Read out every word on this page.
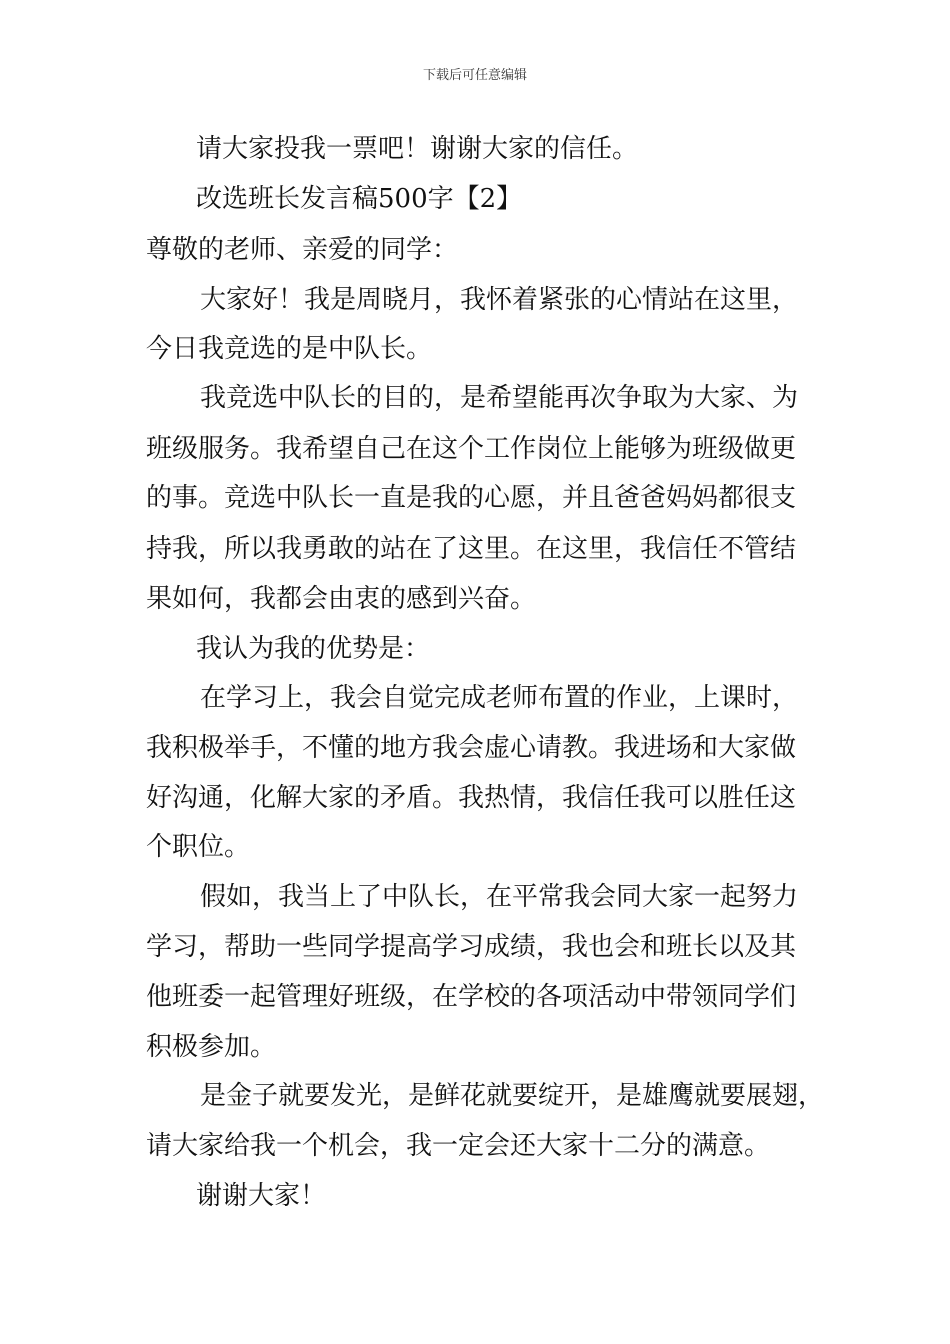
下载后可任意编辑
请大家投我一票吧！谢谢大家的信任。
改选班长发言稿500字【2】
尊敬的老师、亲爱的同学：
大家好！我是周晓月，我怀着紧张的心情站在这里，
今日我竞选的是中队长。
我竞选中队长的目的，是希望能再次争取为大家、为
班级服务。我希望自己在这个工作岗位上能够为班级做更
的事。竞选中队长一直是我的心愿，并且爸爸妈妈都很支
持我，所以我勇敢的站在了这里。在这里，我信任不管结
果如何，我都会由衷的感到兴奋。
我认为我的优势是：
在学习上，我会自觉完成老师布置的作业，上课时，
我积极举手，不懂的地方我会虚心请教。我进场和大家做
好沟通，化解大家的矛盾。我热情，我信任我可以胜任这
个职位。
假如，我当上了中队长，在平常我会同大家一起努力
学习，帮助一些同学提高学习成绩，我也会和班长以及其
他班委一起管理好班级，在学校的各项活动中带领同学们
积极参加。
是金子就要发光，是鲜花就要绽开，是雄鹰就要展翅，
请大家给我一个机会，我一定会还大家十二分的满意。
谢谢大家！
